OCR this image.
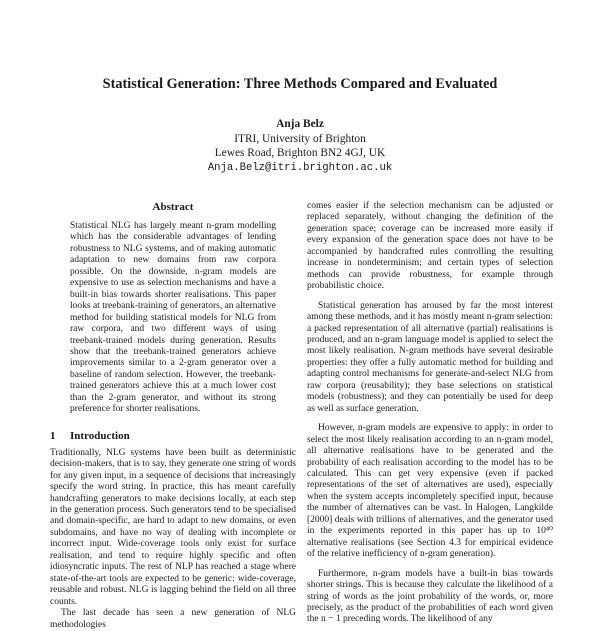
Statistical Generation: Three Methods Compared and Evaluated
Anja Belz
ITRI, University of Brighton
Lewes Road, Brighton BN2 4GJ, UK
Anja.Belz@itri.brighton.ac.uk
Abstract

Statistical NLG has largely meant n-gram modelling which has the considerable advantages of lending robustness to NLG systems, and of making automatic adaptation to new domains from raw corpora possible. On the downside, n-gram models are expensive to use as selection mechanisms and have a built-in bias towards shorter realisations. This paper looks at treebank-training of generators, an alternative method for building statistical models for NLG from raw corpora, and two different ways of using treebank-trained models during generation. Results show that the treebank-trained generators achieve improvements similar to a 2-gram generator over a baseline of random selection. However, the treebank-trained generators achieve this at a much lower cost than the 2-gram generator, and without its strong preference for shorter realisations.

1 Introduction

Traditionally, NLG systems have been built as deterministic decision-makers, that is to say, they generate one string of words for any given input, in a sequence of decisions that increasingly specify the word string. In practice, this has meant carefully handcrafting generators to make decisions locally, at each step in the generation process. Such generators tend to be specialised and domain-specific, are hard to adapt to new domains, or even subdomains, and have no way of dealing with incomplete or incorrect input. Wide-coverage tools only exist for surface realisation, and tend to require highly specific and often idiosyncratic inputs. The rest of NLP has reached a stage where state-of-the-art tools are expected to be generic: wide-coverage, reusable and robust. NLG is lagging behind the field on all three counts.

The last decade has seen a new generation of NLG methodologies

comes easier if the selection mechanism can be adjusted or replaced separately, without changing the definition of the generation space; coverage can be increased more easily if every expansion of the generation space does not have to be accompanied by handcrafted rules controlling the resulting increase in nondeterminism; and certain types of selection methods can provide robustness, for example through probabilistic choice.

Statistical generation has aroused by far the most interest among these methods, and it has mostly meant n-gram selection: a packed representation of all alternative (partial) realisations is produced, and an n-gram language model is applied to select the most likely realisation. N-gram methods have several desirable properties: they offer a fully automatic method for building and adapting control mechanisms for generate-and-select NLG from raw corpora (reusability); they base selections on statistical models (robustness); and they can potentially be used for deep as well as surface generation.

However, n-gram models are expensive to apply: in order to select the most likely realisation according to an n-gram model, all alternative realisations have to be generated and the probability of each realisation according to the model has to be calculated. This can get very expensive (even if packed representations of the set of alternatives are used), especially when the system accepts incompletely specified input, because the number of alternatives can be vast. In Halogen, Langkilde [2000] deals with trillions of alternatives, and the generator used in the experiments reported in this paper has up to 10⁴⁰ alternative realisations (see Section 4.3 for empirical evidence of the relative inefficiency of n-gram generation).

Furthermore, n-gram models have a built-in bias towards shorter strings. This is because they calculate the likelihood of a string of words as the joint probability of the words, or, more precisely, as the product of the probabilities of each word given the n − 1 preceding words. The likelihood of any
